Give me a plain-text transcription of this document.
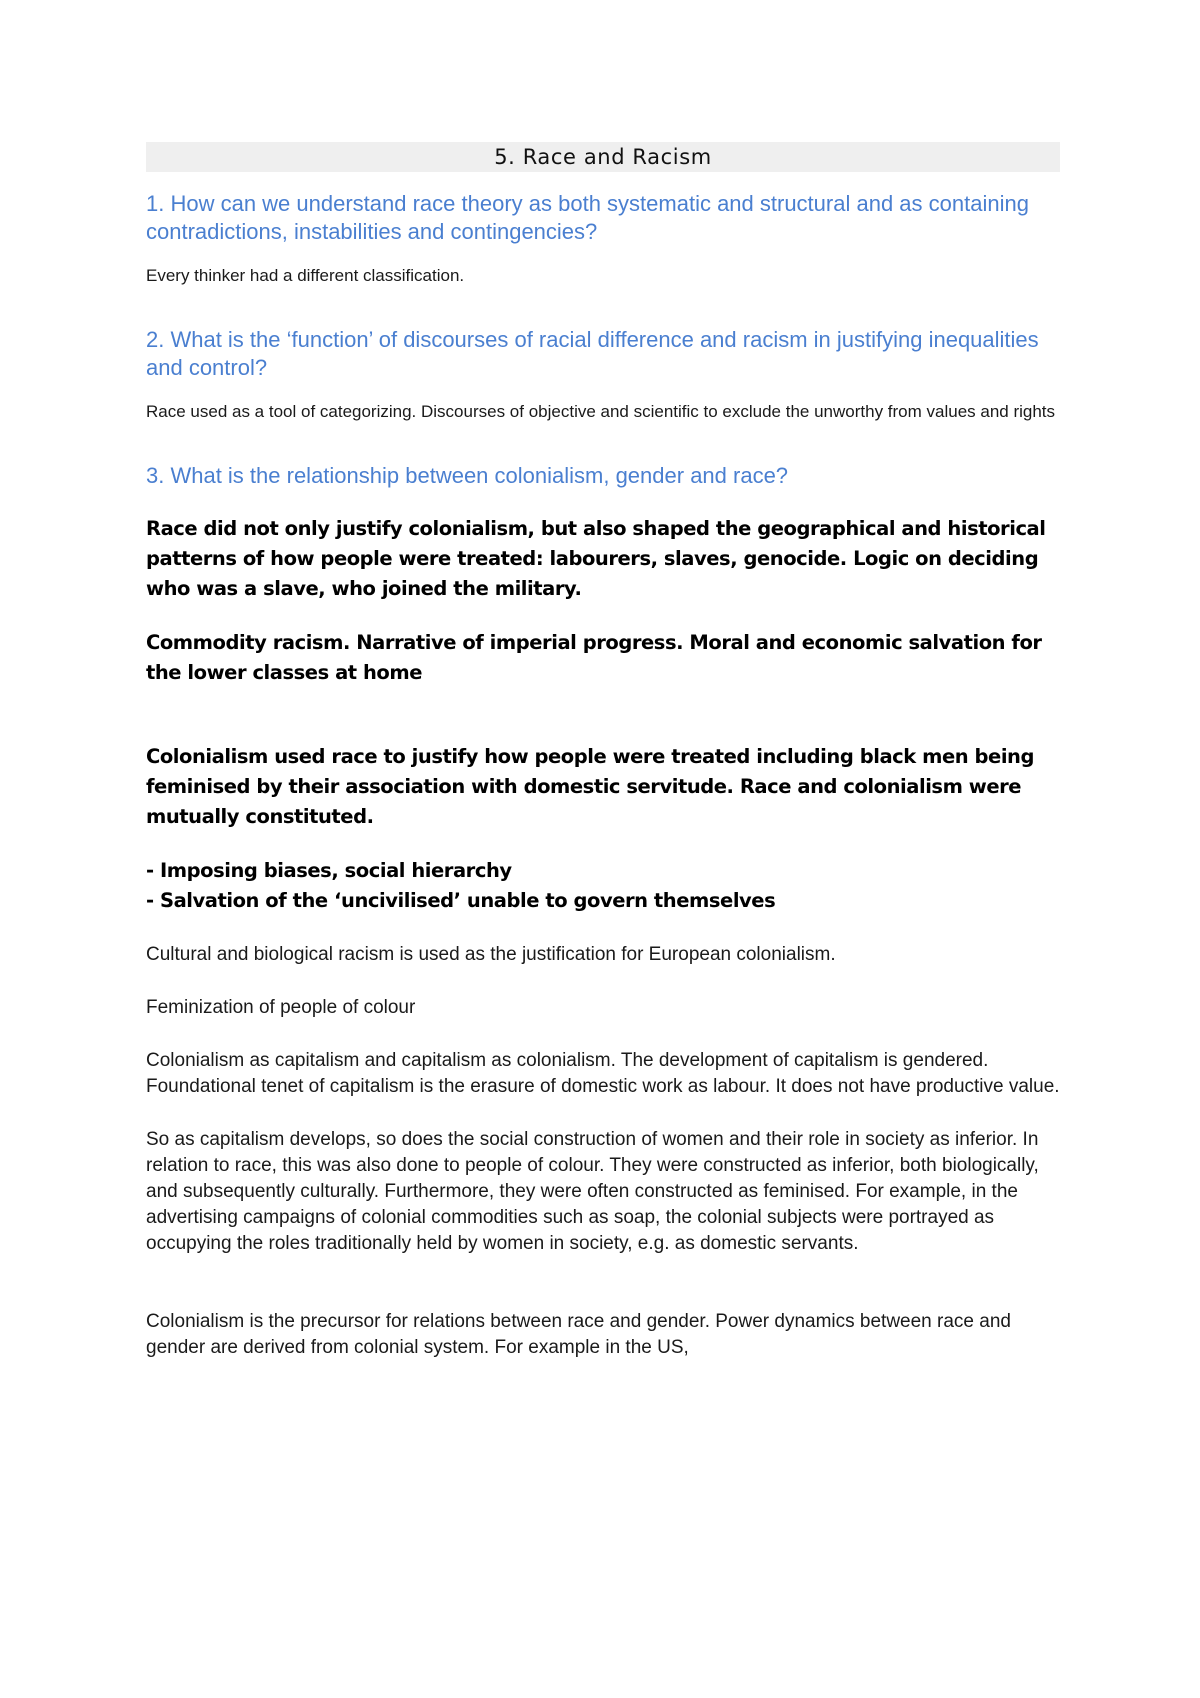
5. Race and Racism

1. How can we understand race theory as both systematic and structural and as containing contradictions, instabilities and contingencies?

Every thinker had a different classification.

2. What is the ‘function’ of discourses of racial difference and racism in justifying inequalities and control?

Race used as a tool of categorizing. Discourses of objective and scientific to exclude the unworthy from values and rights

3. What is the relationship between colonialism, gender and race?

Race did not only justify colonialism, but also shaped the geographical and historical patterns of how people were treated: labourers, slaves, genocide. Logic on deciding who was a slave, who joined the military.

Commodity racism. Narrative of imperial progress. Moral and economic salvation for the lower classes at home

Colonialism used race to justify how people were treated including black men being feminised by their association with domestic servitude. Race and colonialism were mutually constituted.

- Imposing biases, social hierarchy

- Salvation of the ‘uncivilised’ unable to govern themselves

Cultural and biological racism is used as the justification for European colonialism.

Feminization of people of colour

Colonialism as capitalism and capitalism as colonialism. The development of capitalism is gendered.

Foundational tenet of capitalism is the erasure of domestic work as labour. It does not have productive value.

So as capitalism develops, so does the social construction of women and their role in society as inferior. In relation to race, this was also done to people of colour. They were constructed as inferior, both biologically, and subsequently culturally. Furthermore, they were often constructed as feminised. For example, in the advertising campaigns of colonial commodities such as soap, the colonial subjects were portrayed as occupying the roles traditionally held by women in society, e.g. as domestic servants.

Colonialism is the precursor for relations between race and gender. Power dynamics between race and gender are derived from colonial system. For example in the US,
